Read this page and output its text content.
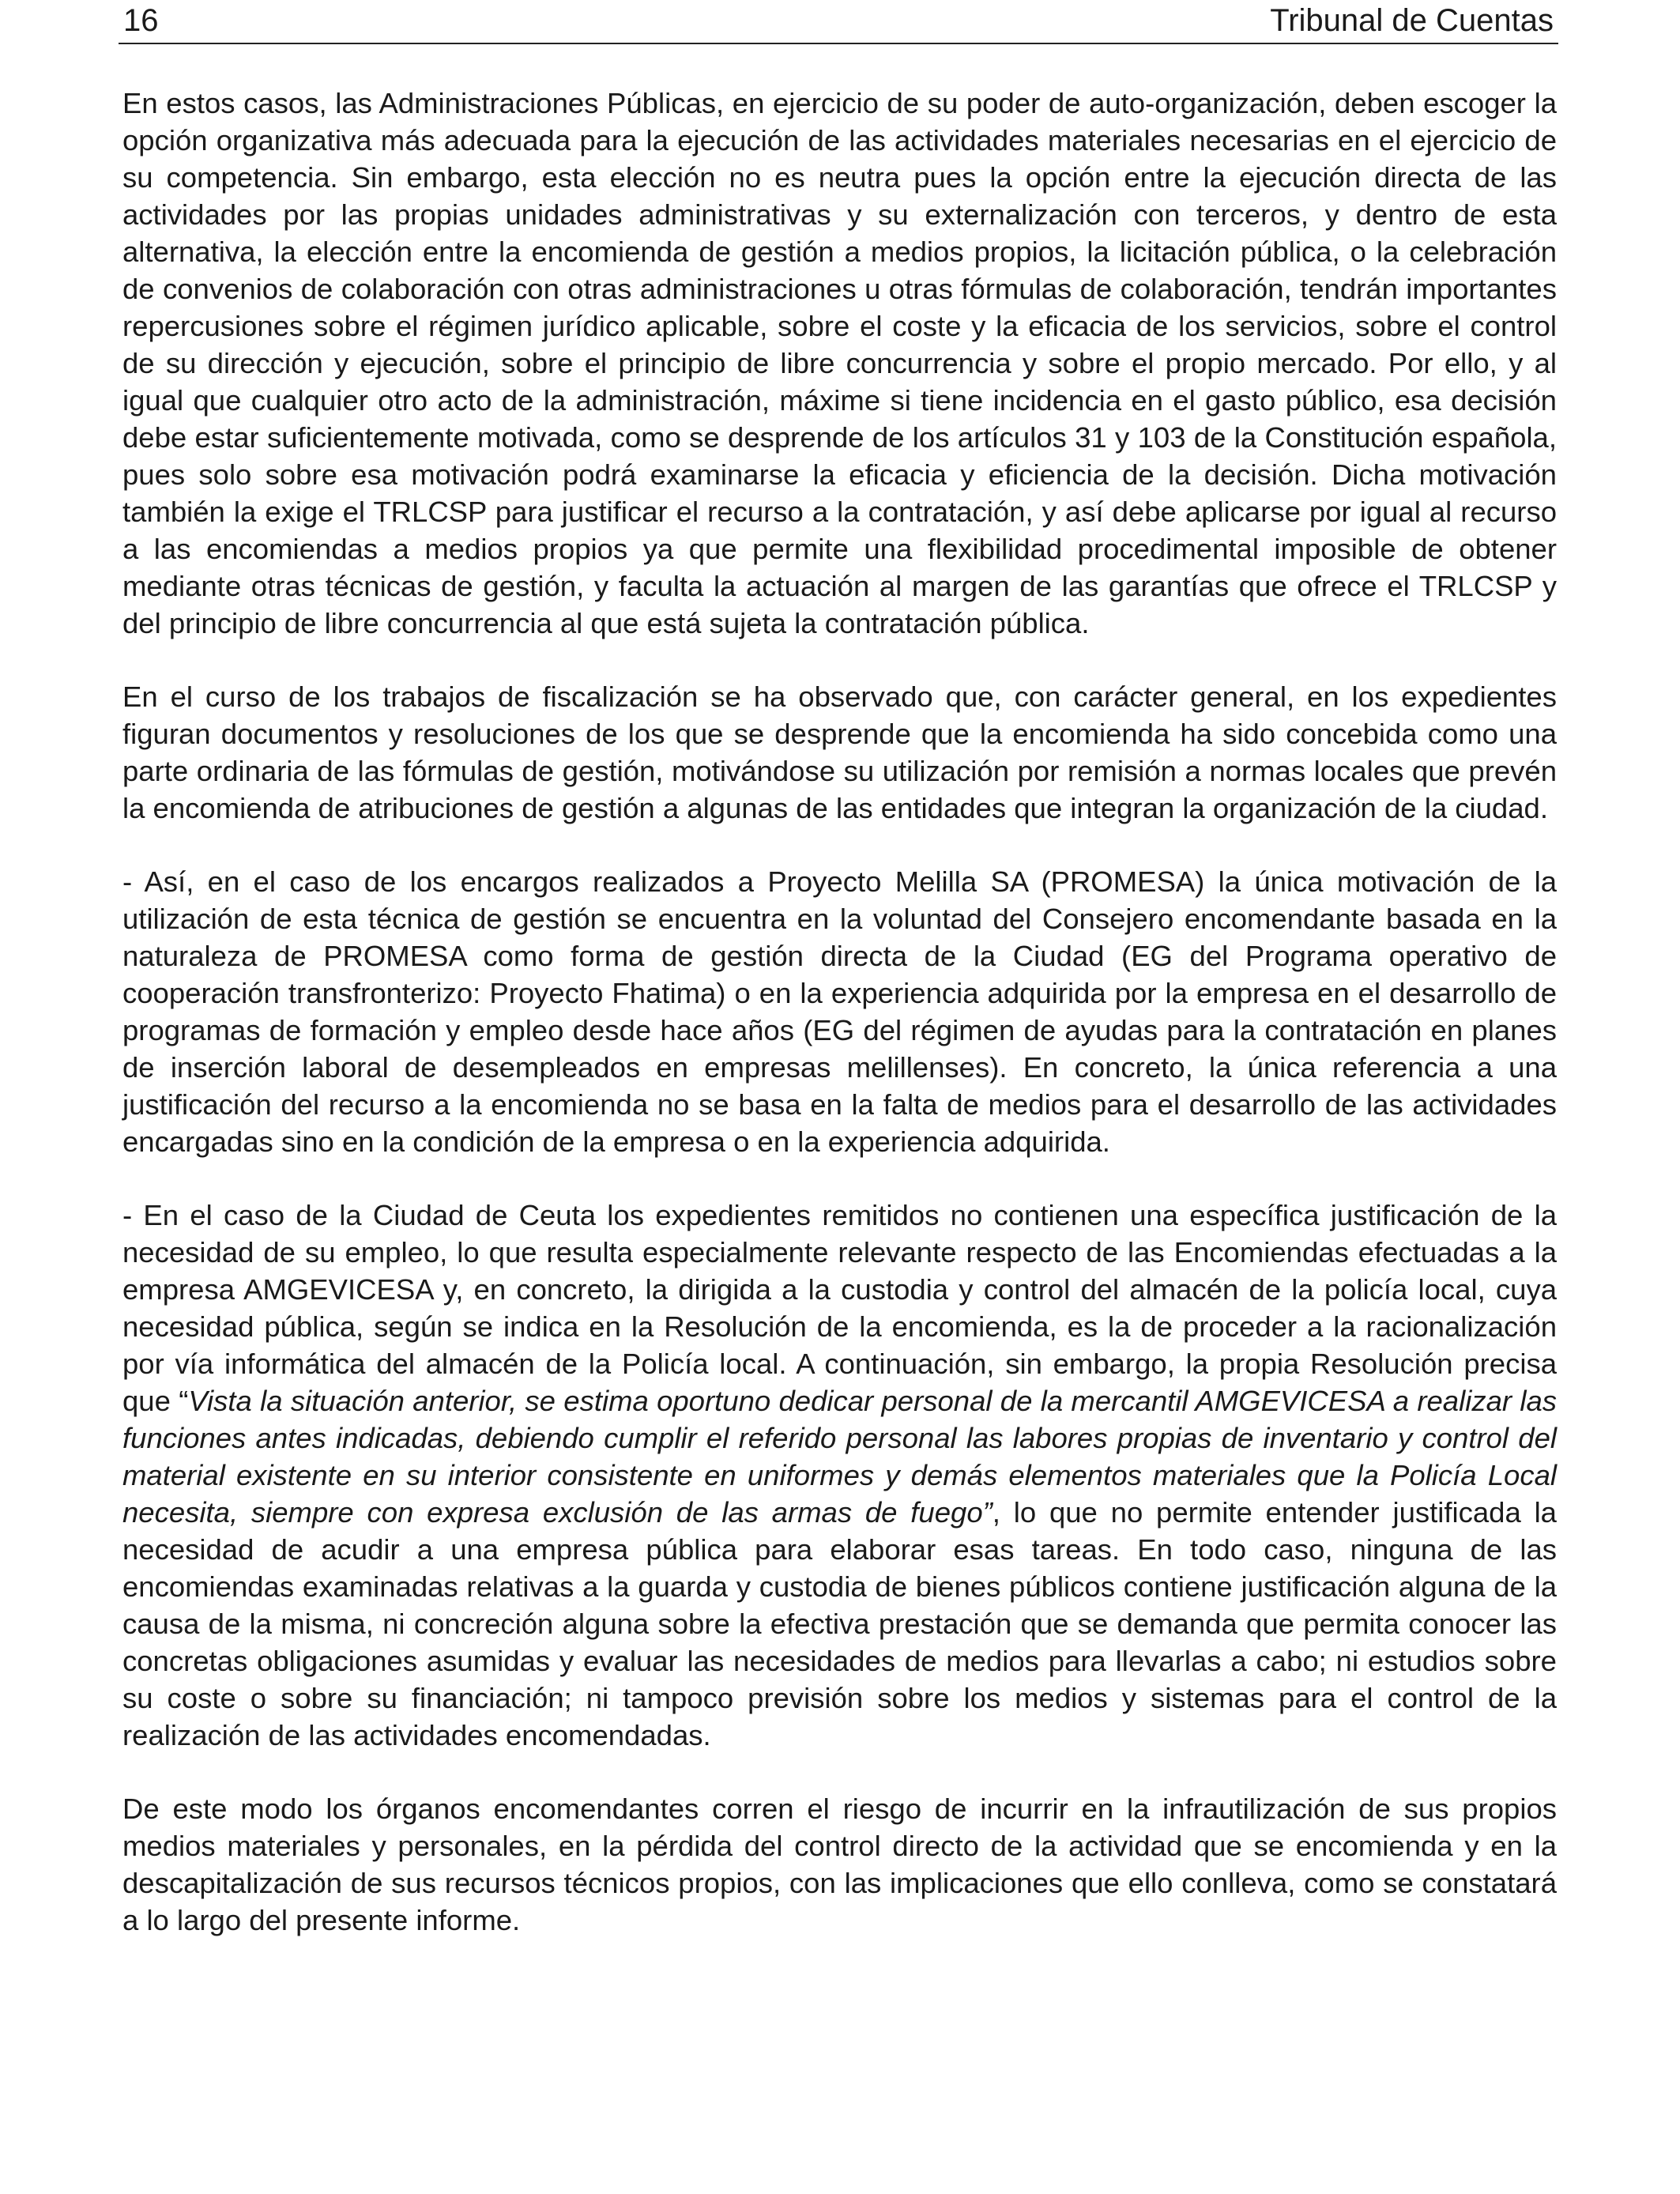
16	Tribunal de Cuentas

En estos casos, las Administraciones Públicas, en ejercicio de su poder de auto-organización, deben escoger la opción organizativa más adecuada para la ejecución de las actividades materiales necesarias en el ejercicio de su competencia. Sin embargo, esta elección no es neutra pues la opción entre la ejecución directa de las actividades por las propias unidades administrativas y su externalización con terceros, y dentro de esta alternativa, la elección entre la encomienda de gestión a medios propios, la licitación pública, o la celebración de convenios de colaboración con otras administraciones u otras fórmulas de colaboración, tendrán importantes repercusiones sobre el régimen jurídico aplicable, sobre el coste y la eficacia de los servicios, sobre el control de su dirección y ejecución, sobre el principio de libre concurrencia y sobre el propio mercado. Por ello, y al igual que cualquier otro acto de la administración, máxime si tiene incidencia en el gasto público, esa decisión debe estar suficientemente motivada, como se desprende de los artículos 31 y 103 de la Constitución española, pues solo sobre esa motivación podrá examinarse la eficacia y eficiencia de la decisión. Dicha motivación también la exige el TRLCSP para justificar el recurso a la contratación, y así debe aplicarse por igual al recurso a las encomiendas a medios propios ya que permite una flexibilidad procedimental imposible de obtener mediante otras técnicas de gestión, y faculta la actuación al margen de las garantías que ofrece el TRLCSP y del principio de libre concurrencia al que está sujeta la contratación pública.

En el curso de los trabajos de fiscalización se ha observado que, con carácter general, en los expedientes figuran documentos y resoluciones de los que se desprende que la encomienda ha sido concebida como una parte ordinaria de las fórmulas de gestión, motivándose su utilización por remisión a normas locales que prevén la encomienda de atribuciones de gestión a algunas de las entidades que integran la organización de la ciudad.

- Así, en el caso de los encargos realizados a Proyecto Melilla SA (PROMESA) la única motivación de la utilización de esta técnica de gestión se encuentra en la voluntad del Consejero encomendante basada en la naturaleza de PROMESA como forma de gestión directa de la Ciudad (EG del Programa operativo de cooperación transfronterizo: Proyecto Fhatima) o en la experiencia adquirida por la empresa en el desarrollo de programas de formación y empleo desde hace años (EG del régimen de ayudas para la contratación en planes de inserción laboral de desempleados en empresas melillenses). En concreto, la única referencia a una justificación del recurso a la encomienda no se basa en la falta de medios para el desarrollo de las actividades encargadas sino en la condición de la empresa o en la experiencia adquirida.

- En el caso de la Ciudad de Ceuta los expedientes remitidos no contienen una específica justificación de la necesidad de su empleo, lo que resulta especialmente relevante respecto de las Encomiendas efectuadas a la empresa AMGEVICESA y, en concreto, la dirigida a la custodia y control del almacén de la policía local, cuya necesidad pública, según se indica en la Resolución de la encomienda, es la de proceder a la racionalización por vía informática del almacén de la Policía local. A continuación, sin embargo, la propia Resolución precisa que “Vista la situación anterior, se estima oportuno dedicar personal de la mercantil AMGEVICESA a realizar las funciones antes indicadas, debiendo cumplir el referido personal las labores propias de inventario y control del material existente en su interior consistente en uniformes y demás elementos materiales que la Policía Local necesita, siempre con expresa exclusión de las armas de fuego”, lo que no permite entender justificada la necesidad de acudir a una empresa pública para elaborar esas tareas. En todo caso, ninguna de las encomiendas examinadas relativas a la guarda y custodia de bienes públicos contiene justificación alguna de la causa de la misma, ni concreción alguna sobre la efectiva prestación que se demanda que permita conocer las concretas obligaciones asumidas y evaluar las necesidades de medios para llevarlas a cabo; ni estudios sobre su coste o sobre su financiación; ni tampoco previsión sobre los medios y sistemas para el control de la realización de las actividades encomendadas.

De este modo los órganos encomendantes corren el riesgo de incurrir en la infrautilización de sus propios medios materiales y personales, en la pérdida del control directo de la actividad que se encomienda y en la descapitalización de sus recursos técnicos propios, con las implicaciones que ello conlleva, como se constatará a lo largo del presente informe.
